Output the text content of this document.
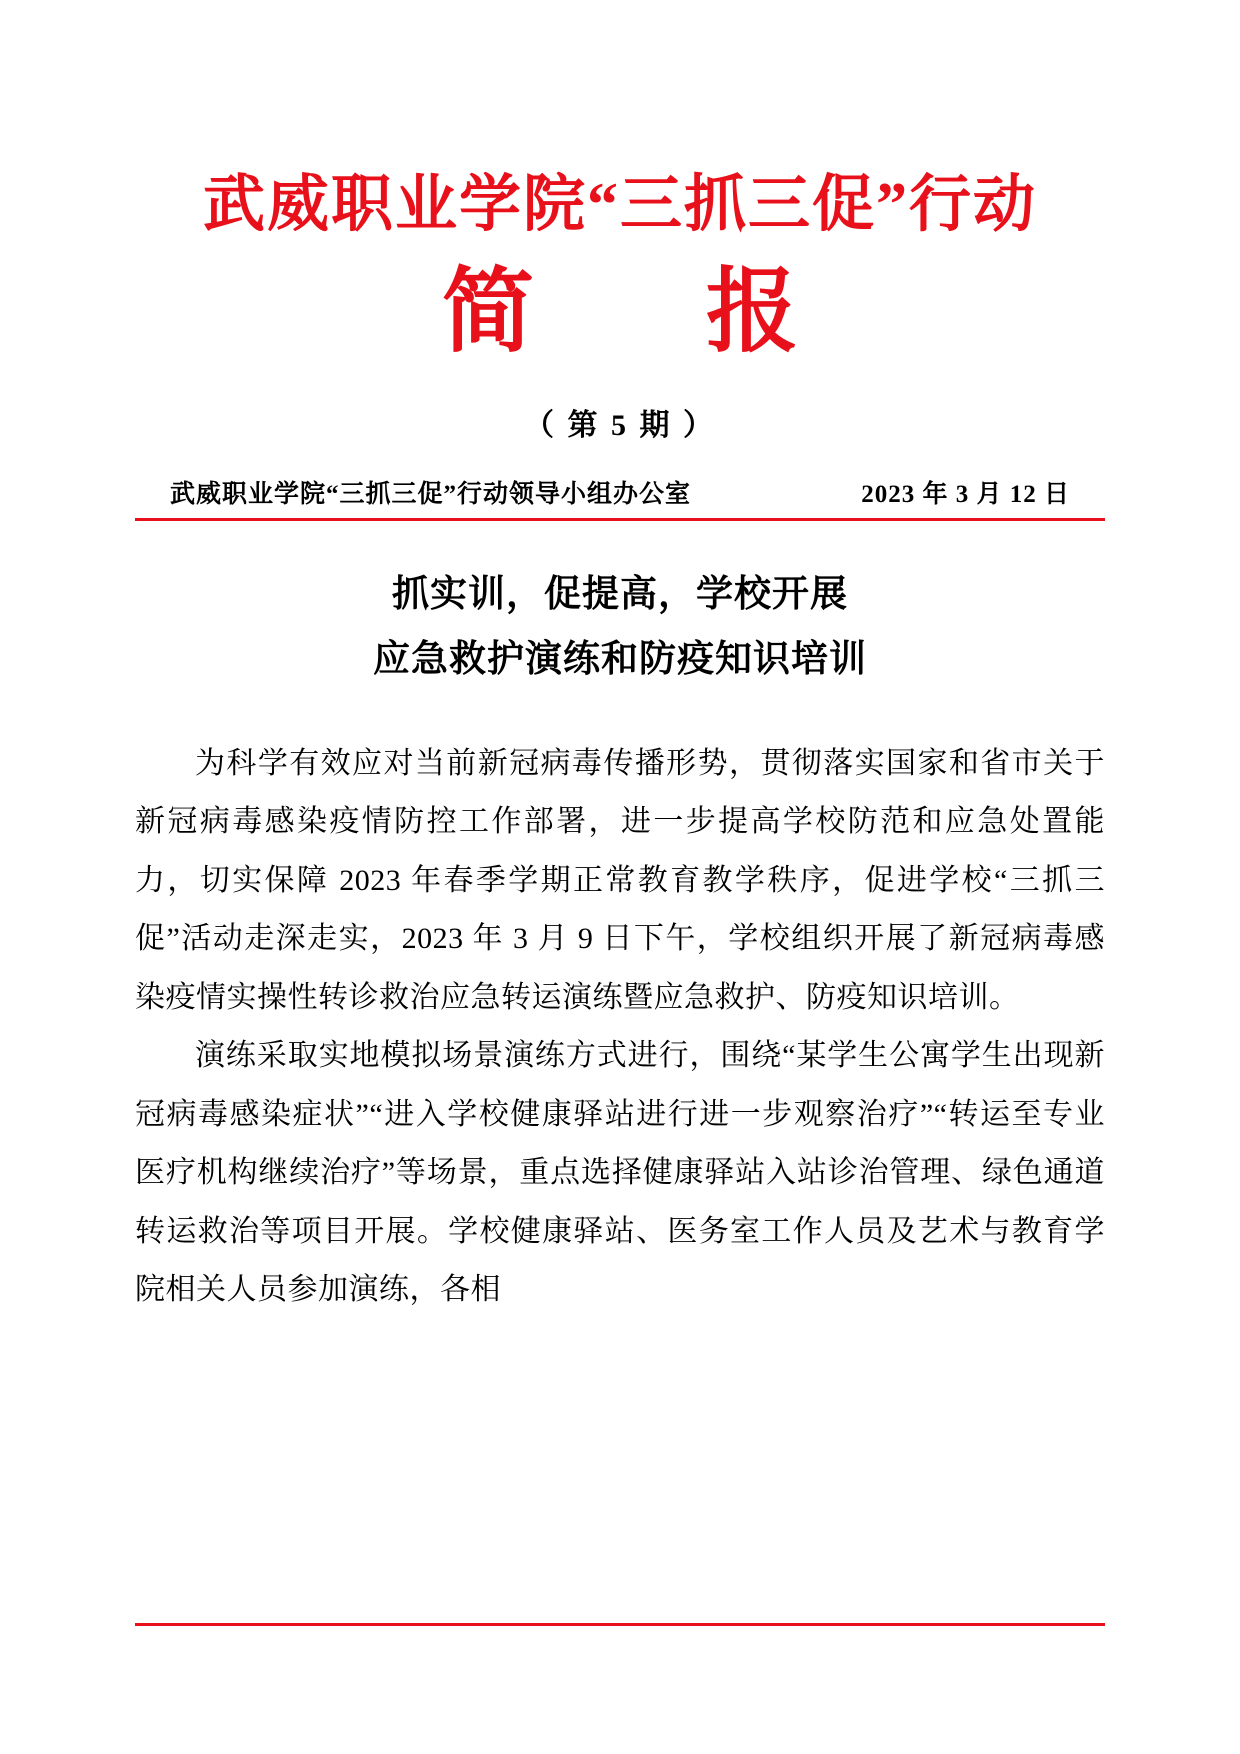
武威职业学院“三抓三促”行动
简　报
（ 第 5 期 ）
武威职业学院“三抓三促”行动领导小组办公室	2023 年 3 月 12 日
抓实训，促提高，学校开展
应急救护演练和防疫知识培训

为科学有效应对当前新冠病毒传播形势，贯彻落实国家和省市关于新冠病毒感染疫情防控工作部署，进一步提高学校防范和应急处置能力，切实保障 2023 年春季学期正常教育教学秩序，促进学校“三抓三促”活动走深走实，2023 年 3 月 9 日下午，学校组织开展了新冠病毒感染疫情实操性转诊救治应急转运演练暨应急救护、防疫知识培训。

演练采取实地模拟场景演练方式进行，围绕“某学生公寓学生出现新冠病毒感染症状”“进入学校健康驿站进行进一步观察治疗”“转运至专业医疗机构继续治疗”等场景，重点选择健康驿站入站诊治管理、绿色通道转运救治等项目开展。学校健康驿站、医务室工作人员及艺术与教育学院相关人员参加演练，各相
